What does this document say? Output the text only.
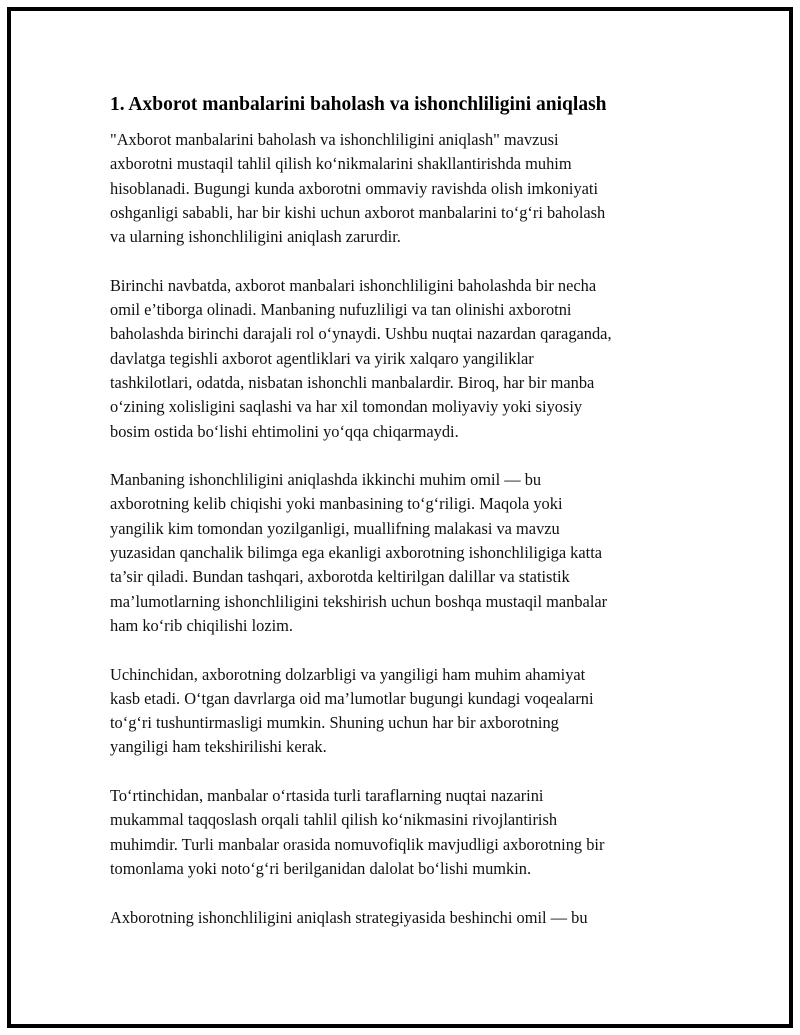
1. Axborot manbalarini baholash va ishonchliligini aniqlash

"Axborot manbalarini baholash va ishonchliligini aniqlash" mavzusi
axborotni mustaqil tahlil qilish ko‘nikmalarini shakllantirishda muhim
hisoblanadi. Bugungi kunda axborotni ommaviy ravishda olish imkoniyati
oshganligi sababli, har bir kishi uchun axborot manbalarini to‘g‘ri baholash
va ularning ishonchliligini aniqlash zarurdir.

Birinchi navbatda, axborot manbalari ishonchliligini baholashda bir necha
omil e’tiborga olinadi. Manbaning nufuzliligi va tan olinishi axborotni
baholashda birinchi darajali rol o‘ynaydi. Ushbu nuqtai nazardan qaraganda,
davlatga tegishli axborot agentliklari va yirik xalqaro yangiliklar
tashkilotlari, odatda, nisbatan ishonchli manbalardir. Biroq, har bir manba
o‘zining xolisligini saqlashi va har xil tomondan moliyaviy yoki siyosiy
bosim ostida bo‘lishi ehtimolini yo‘qqa chiqarmaydi.

Manbaning ishonchliligini aniqlashda ikkinchi muhim omil — bu
axborotning kelib chiqishi yoki manbasining to‘g‘riligi. Maqola yoki
yangilik kim tomondan yozilganligi, muallifning malakasi va mavzu
yuzasidan qanchalik bilimga ega ekanligi axborotning ishonchliligiga katta
ta’sir qiladi. Bundan tashqari, axborotda keltirilgan dalillar va statistik
ma’lumotlarning ishonchliligini tekshirish uchun boshqa mustaqil manbalar
ham ko‘rib chiqilishi lozim.

Uchinchidan, axborotning dolzarbligi va yangiligi ham muhim ahamiyat
kasb etadi. O‘tgan davrlarga oid ma’lumotlar bugungi kundagi voqealarni
to‘g‘ri tushuntirmasligi mumkin. Shuning uchun har bir axborotning
yangiligi ham tekshirilishi kerak.

To‘rtinchidan, manbalar o‘rtasida turli taraflarning nuqtai nazarini
mukammal taqqoslash orqali tahlil qilish ko‘nikmasini rivojlantirish
muhimdir. Turli manbalar orasida nomuvofiqlik mavjudligi axborotning bir
tomonlama yoki noto‘g‘ri berilganidan dalolat bo‘lishi mumkin.

Axborotning ishonchliligini aniqlash strategiyasida beshinchi omil — bu
